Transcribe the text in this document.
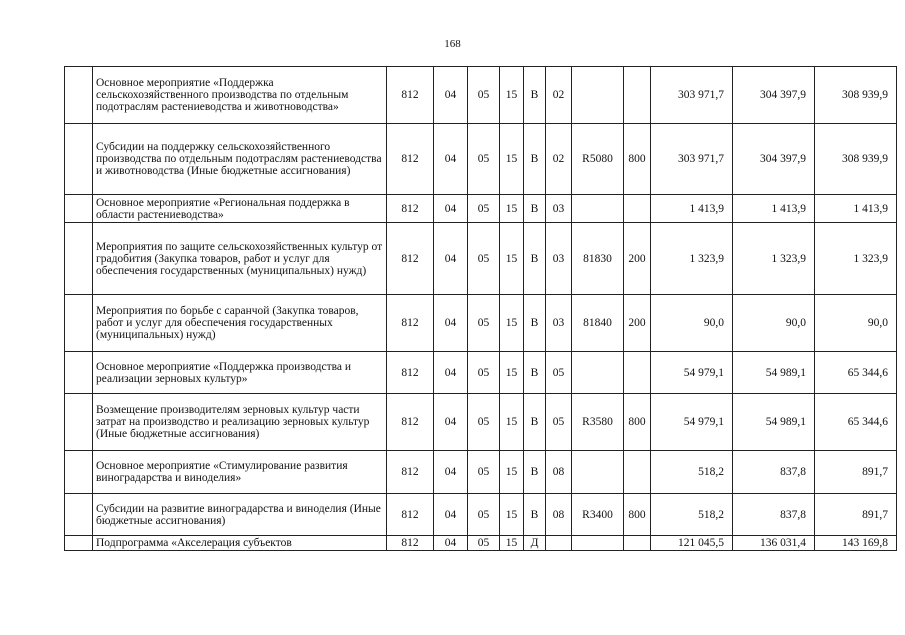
168
	Основное мероприятие «Поддержка сельскохозяйственного производства по отдельным подотраслям растениеводства и животноводства»	812	04	05	15	В	02			303 971,7	304 397,9	308 939,9
	Субсидии на поддержку сельскохозяйственного производства по отдельным подотраслям растениеводства и животноводства (Иные бюджетные ассигнования)	812	04	05	15	В	02	R5080	800	303 971,7	304 397,9	308 939,9
	Основное мероприятие «Региональная поддержка в области растениеводства»	812	04	05	15	В	03			1 413,9	1 413,9	1 413,9
	Мероприятия по защите сельскохозяйственных культур от градобития (Закупка товаров, работ и услуг для обеспечения государственных (муниципальных) нужд)	812	04	05	15	В	03	81830	200	1 323,9	1 323,9	1 323,9
	Мероприятия по борьбе с саранчой (Закупка товаров, работ и услуг для обеспечения государственных (муниципальных) нужд)	812	04	05	15	В	03	81840	200	90,0	90,0	90,0
	Основное мероприятие «Поддержка производства и реализации зерновых культур»	812	04	05	15	В	05			54 979,1	54 989,1	65 344,6
	Возмещение производителям зерновых культур части затрат на производство и реализацию зерновых культур (Иные бюджетные ассигнования)	812	04	05	15	В	05	R3580	800	54 979,1	54 989,1	65 344,6
	Основное мероприятие «Стимулирование развития виноградарства и виноделия»	812	04	05	15	В	08			518,2	837,8	891,7
	Субсидии на развитие виноградарства и виноделия (Иные бюджетные ассигнования)	812	04	05	15	В	08	R3400	800	518,2	837,8	891,7
	Подпрограмма «Акселерация субъектов	812	04	05	15	Д				121 045,5	136 031,4	143 169,8
